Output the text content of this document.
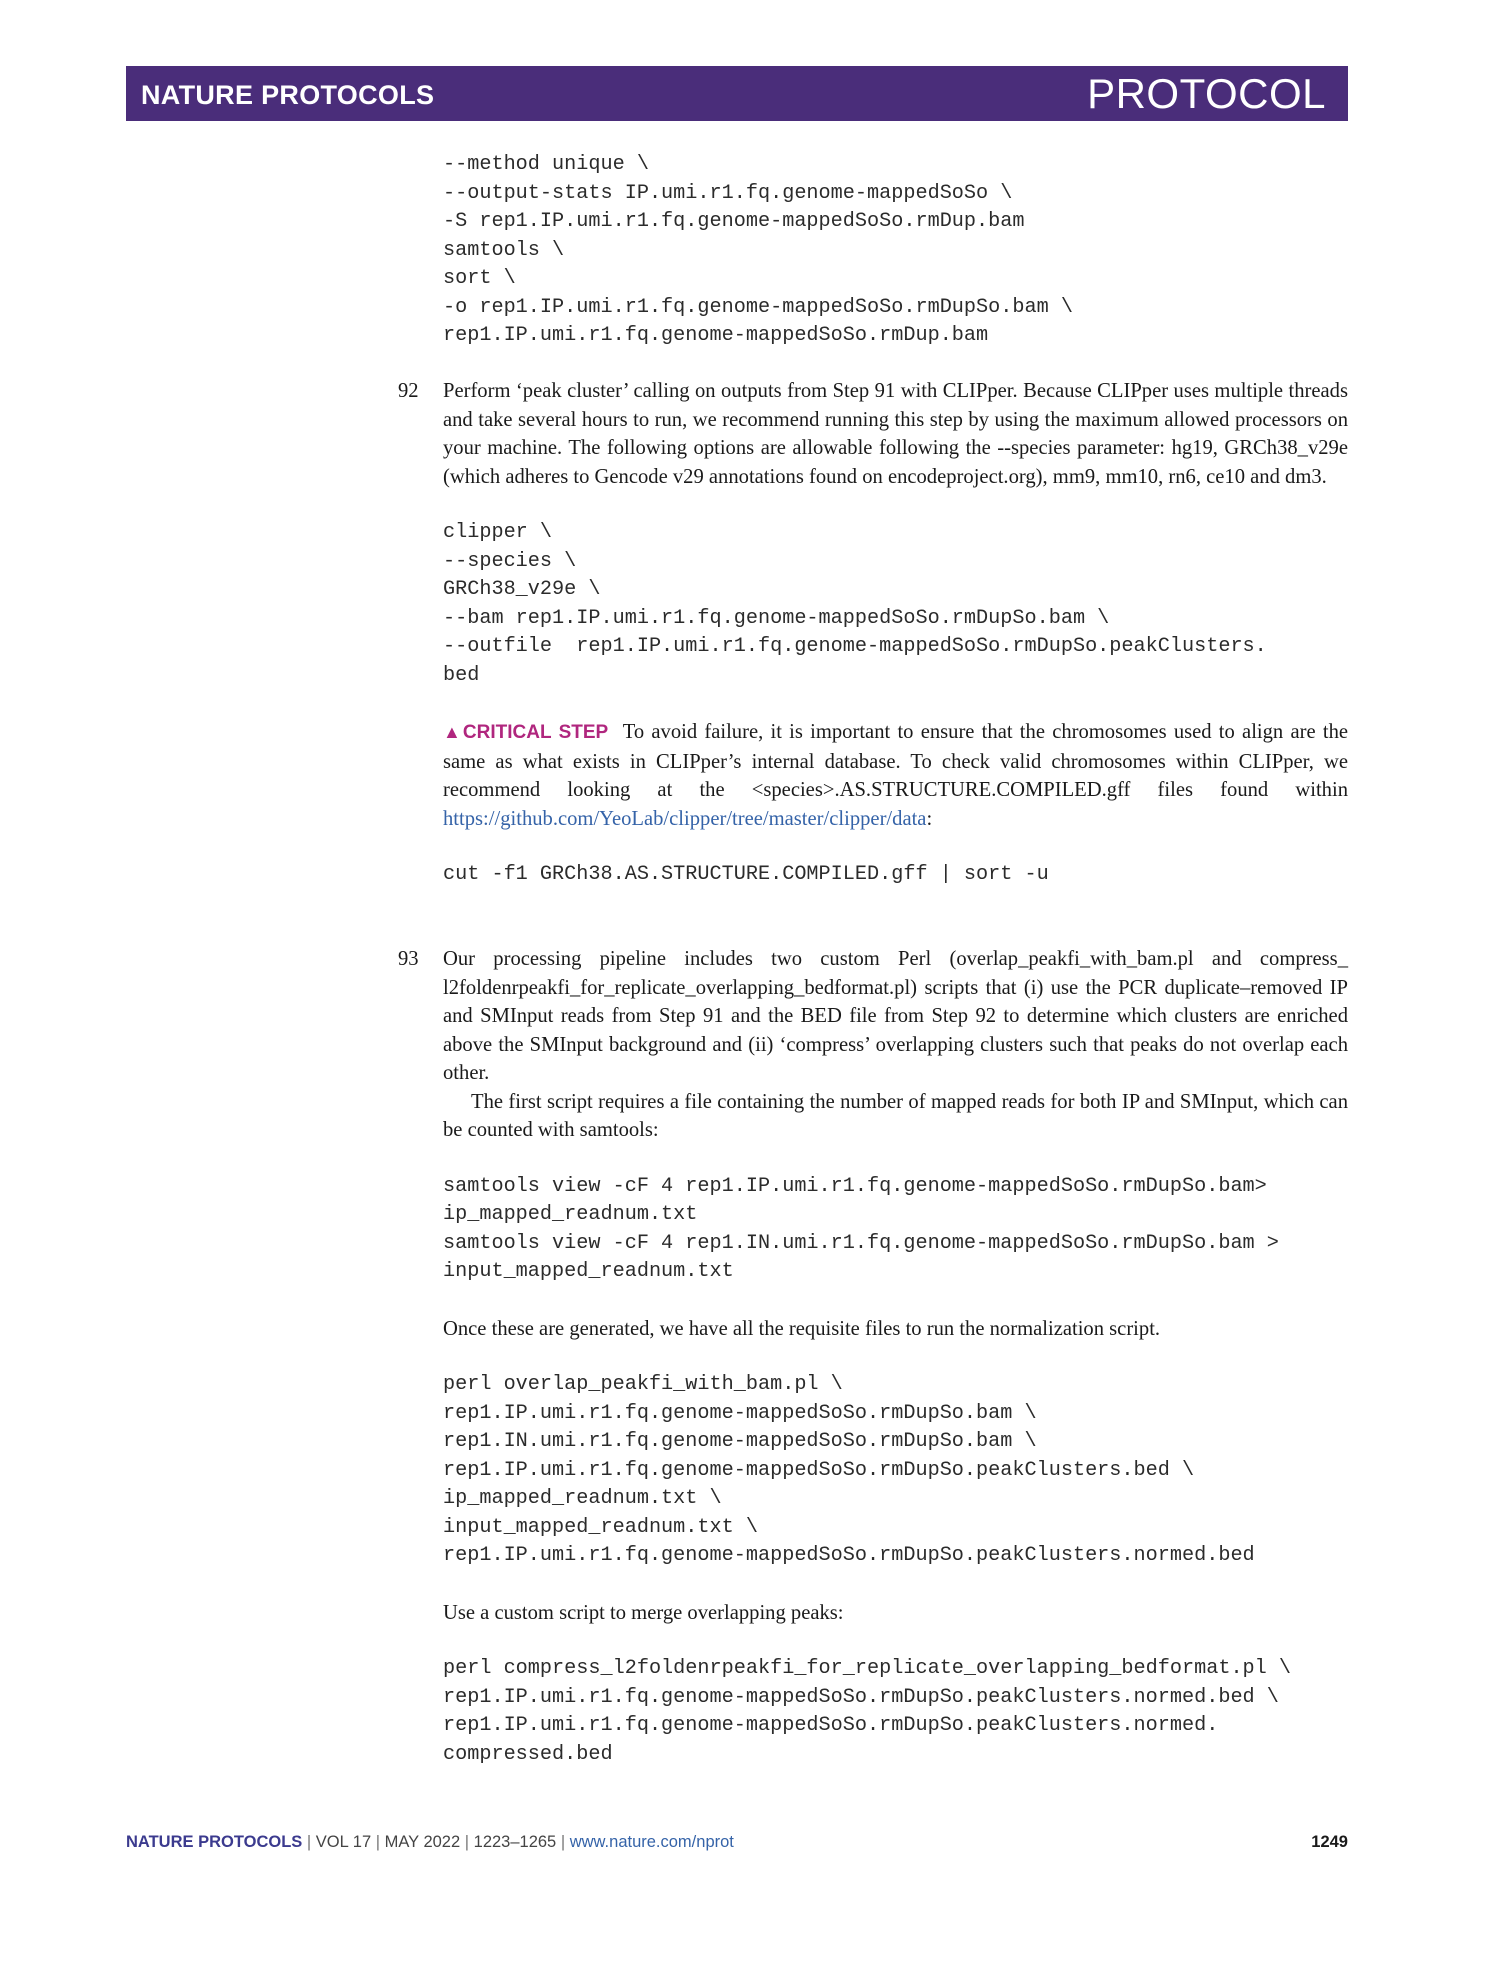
NATURE PROTOCOLS	PROTOCOL
--method unique \
--output-stats IP.umi.r1.fq.genome-mappedSoSo \
-S rep1.IP.umi.r1.fq.genome-mappedSoSo.rmDup.bam
samtools \
sort \
-o rep1.IP.umi.r1.fq.genome-mappedSoSo.rmDupSo.bam \
rep1.IP.umi.r1.fq.genome-mappedSoSo.rmDup.bam
92 Perform ‘peak cluster’ calling on outputs from Step 91 with CLIPper. Because CLIPper uses multiple threads and take several hours to run, we recommend running this step by using the maximum allowed processors on your machine. The following options are allowable following the --species parameter: hg19, GRCh38_v29e (which adheres to Gencode v29 annotations found on encodeproject.org), mm9, mm10, rn6, ce10 and dm3.

clipper \
--species \
GRCh38_v29e \
--bam rep1.IP.umi.r1.fq.genome-mappedSoSo.rmDupSo.bam \
--outfile  rep1.IP.umi.r1.fq.genome-mappedSoSo.rmDupSo.peakClusters.
bed

▲CRITICAL STEP To avoid failure, it is important to ensure that the chromosomes used to align are the same as what exists in CLIPper’s internal database. To check valid chromosomes within CLIPper, we recommend looking at the <species>.AS.STRUCTURE.COMPILED.gff files found within https://github.com/YeoLab/clipper/tree/master/clipper/data:

cut -f1 GRCh38.AS.STRUCTURE.COMPILED.gff | sort -u
93 Our processing pipeline includes two custom Perl (overlap_peakfi_with_bam.pl and compress_ l2foldenrpeakfi_for_replicate_overlapping_bedformat.pl) scripts that (i) use the PCR duplicate–removed IP and SMInput reads from Step 91 and the BED file from Step 92 to determine which clusters are enriched above the SMInput background and (ii) ‘compress’ overlapping clusters such that peaks do not overlap each other.

The first script requires a file containing the number of mapped reads for both IP and SMInput, which can be counted with samtools:

samtools view -cF 4 rep1.IP.umi.r1.fq.genome-mappedSoSo.rmDupSo.bam>
ip_mapped_readnum.txt
samtools view -cF 4 rep1.IN.umi.r1.fq.genome-mappedSoSo.rmDupSo.bam >
input_mapped_readnum.txt

Once these are generated, we have all the requisite files to run the normalization script.

perl overlap_peakfi_with_bam.pl \
rep1.IP.umi.r1.fq.genome-mappedSoSo.rmDupSo.bam \
rep1.IN.umi.r1.fq.genome-mappedSoSo.rmDupSo.bam \
rep1.IP.umi.r1.fq.genome-mappedSoSo.rmDupSo.peakClusters.bed \
ip_mapped_readnum.txt \
input_mapped_readnum.txt \
rep1.IP.umi.r1.fq.genome-mappedSoSo.rmDupSo.peakClusters.normed.bed

Use a custom script to merge overlapping peaks:

perl compress_l2foldenrpeakfi_for_replicate_overlapping_bedformat.pl \
rep1.IP.umi.r1.fq.genome-mappedSoSo.rmDupSo.peakClusters.normed.bed \
rep1.IP.umi.r1.fq.genome-mappedSoSo.rmDupSo.peakClusters.normed.
compressed.bed
NATURE PROTOCOLS | VOL 17 | MAY 2022 | 1223–1265 | www.nature.com/nprot	1249
